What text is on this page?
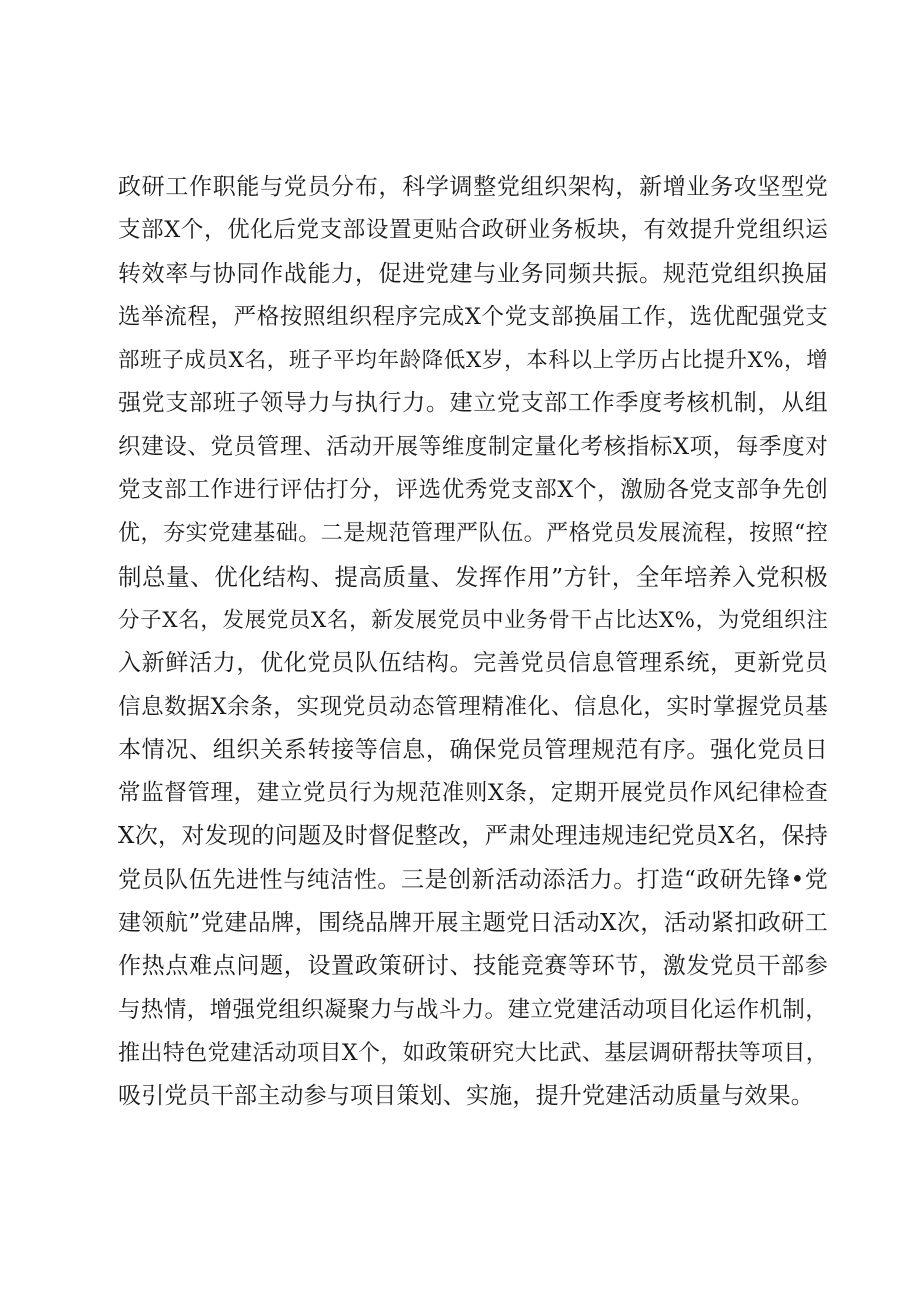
政研工作职能与党员分布，科学调整党组织架构，新增业务攻坚型党
支部X个，优化后党支部设置更贴合政研业务板块，有效提升党组织运
转效率与协同作战能力，促进党建与业务同频共振。规范党组织换届
选举流程，严格按照组织程序完成X个党支部换届工作，选优配强党支
部班子成员X名，班子平均年龄降低X岁，本科以上学历占比提升X%，增
强党支部班子领导力与执行力。建立党支部工作季度考核机制，从组
织建设、党员管理、活动开展等维度制定量化考核指标X项，每季度对
党支部工作进行评估打分，评选优秀党支部X个，激励各党支部争先创
优，夯实党建基础。二是规范管理严队伍。严格党员发展流程，按照“控
制总量、优化结构、提高质量、发挥作用”方针，全年培养入党积极
分子X名，发展党员X名，新发展党员中业务骨干占比达X%，为党组织注
入新鲜活力，优化党员队伍结构。完善党员信息管理系统，更新党员
信息数据X余条，实现党员动态管理精准化、信息化，实时掌握党员基
本情况、组织关系转接等信息，确保党员管理规范有序。强化党员日
常监督管理，建立党员行为规范准则X条，定期开展党员作风纪律检查
X次，对发现的问题及时督促整改，严肃处理违规违纪党员X名，保持
党员队伍先进性与纯洁性。三是创新活动添活力。打造“政研先锋•党
建领航”党建品牌，围绕品牌开展主题党日活动X次，活动紧扣政研工
作热点难点问题，设置政策研讨、技能竞赛等环节，激发党员干部参
与热情，增强党组织凝聚力与战斗力。建立党建活动项目化运作机制，
推出特色党建活动项目X个，如政策研究大比武、基层调研帮扶等项目，
吸引党员干部主动参与项目策划、实施，提升党建活动质量与效果。
